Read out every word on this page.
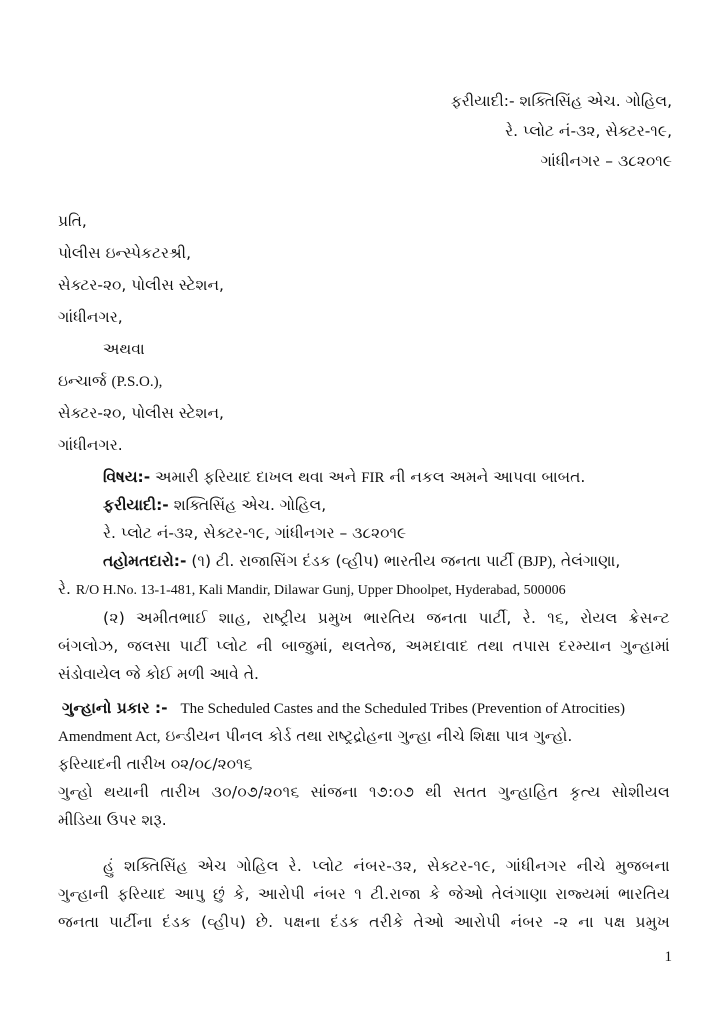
ફરીયાદી:- શક્તિસિંહ એચ. ગોહિલ,
રે. પ્લોટ નં-૩૨, સેક્ટર-૧૯,
ગાંધીનગર – ૩૮૨૦૧૯
પ્રતિ,
પોલીસ ઇન્સ્પેકટરશ્રી,
સેક્ટર-૨૦, પોલીસ સ્ટેશન,
ગાંધીનગર,
અથવા
ઇન્ચાર્જ (P.S.O.),
સેક્ટર-૨૦, પોલીસ સ્ટેશન,
ગાંધીનગર.
વિષય:- અમારી ફરિયાદ દાખલ થવા અને FIR ની નકલ અમને આપવા બાબત.
ફરીયાદી:- શક્તિસિંહ એચ. ગોહિલ,
રે. પ્લોટ નં-૩૨, સેક્ટર-૧૯, ગાંધીનગર – ૩૮૨૦૧૯
તહોમતદારો:- (૧) ટી. રાજાસિંગ દંડક (વ્હીપ) ભારતીય જનતા પાર્ટી (BJP), તેલંગાણા,
રે. R/O H.No. 13-1-481, Kali Mandir, Dilawar Gunj, Upper Dhoolpet, Hyderabad, 500006
(૨) અમીતભાઈ શાહ, રાષ્ટ્રીય પ્રમુખ ભારતિય જનતા પાર્ટી, રે. ૧૬, રોયલ ક્રેસન્ટ
બંગલોઝ, જલસા પાર્ટી પ્લોટ ની બાજુમાં, થલતેજ, અમદાવાદ તથા તપાસ દરમ્યાન ગુન્હામાં
સંડોવાયેલ જે કોઈ મળી આવે તે.
ગુન્હાનો પ્રકાર :- The Scheduled Castes and the Scheduled Tribes (Prevention of Atrocities)
Amendment Act, ઇન્ડીયન પીનલ કોર્ડ તથા રાષ્ટ્રદ્રોહના ગુન્હા નીચે શિક્ષા પાત્ર ગુન્હો.
ફરિયાદની તારીખ ૦૨/૦૮/૨૦૧૬
ગુન્હો થયાની તારીખ ૩૦/૦૭/૨૦૧૬ સાંજના ૧૭:૦૭ થી સતત ગુન્હાહિત કૃત્ય સોશીયલ
મીડિયા ઉપર શરૂ.
હું શક્તિસિંહ એચ ગોહિલ રે. પ્લોટ નંબર-૩૨, સેક્ટર-૧૯, ગાંધીનગર નીચે મુજબના
ગુન્હાની ફરિયાદ આપુ છું કે, આરોપી નંબર ૧ ટી.રાજા કે જેઓ તેલંગાણા રાજ્યમાં ભારતિય
જનતા પાર્ટીના દંડક (વ્હીપ) છે. પક્ષના દંડક તરીકે તેઓ આરોપી નંબર -૨ ના પક્ષ પ્રમુખ
1
